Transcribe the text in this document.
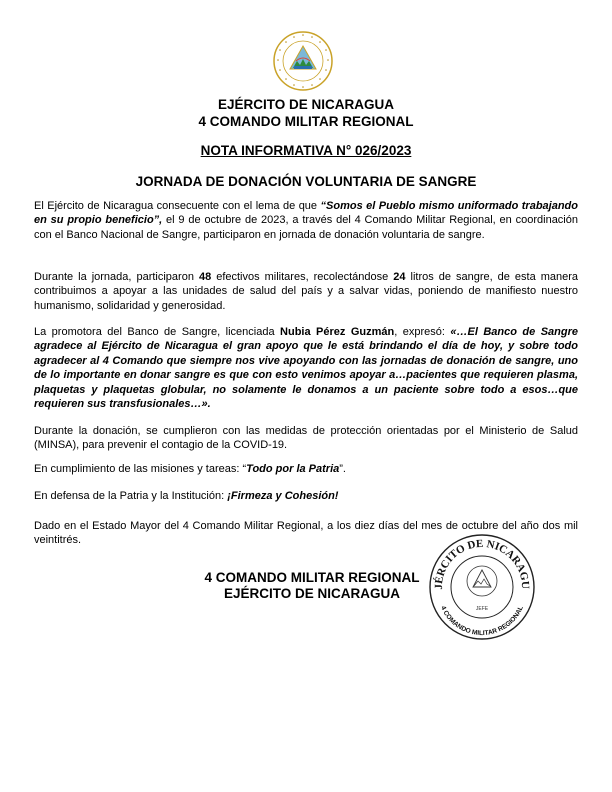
EJÉRCITO DE NICARAGUA
4 COMANDO MILITAR REGIONAL
NOTA INFORMATIVA N° 026/2023
JORNADA DE DONACIÓN VOLUNTARIA DE SANGRE
El Ejército de Nicaragua consecuente con el lema de que “Somos el Pueblo mismo uniformado trabajando en su propio beneficio”, el 9 de octubre de 2023, a través del 4 Comando Militar Regional, en coordinación con el Banco Nacional de Sangre, participaron en jornada de donación voluntaria de sangre.
Durante la jornada, participaron 48 efectivos militares, recolectándose 24 litros de sangre, de esta manera contribuimos a apoyar a las unidades de salud del país y a salvar vidas, poniendo de manifiesto nuestro humanismo, solidaridad y generosidad.
La promotora del Banco de Sangre, licenciada Nubia Pérez Guzmán, expresó: «…El Banco de Sangre agradece al Ejército de Nicaragua el gran apoyo que le está brindando el día de hoy, y sobre todo agradecer al 4 Comando que siempre nos vive apoyando con las jornadas de donación de sangre, uno de lo importante en donar sangre es que con esto venimos apoyar a…pacientes que requieren plasma, plaquetas y plaquetas globular, no solamente le donamos a un paciente sobre todo a esos…que requieren sus transfusionales…».
Durante la donación, se cumplieron con las medidas de protección orientadas por el Ministerio de Salud (MINSA), para prevenir el contagio de la COVID-19.
En cumplimiento de las misiones y tareas: “Todo por la Patria”.
En defensa de la Patria y la Institución: ¡Firmeza y Cohesión!
Dado en el Estado Mayor del 4 Comando Militar Regional, a los diez días del mes de octubre del año dos mil veintitrés.
4 COMANDO MILITAR REGIONAL
EJÉRCITO DE NICARAGUA	JÉRCITO DE NICARAGU
4 COMANDO MILITAR REGIONAL
JEFE
